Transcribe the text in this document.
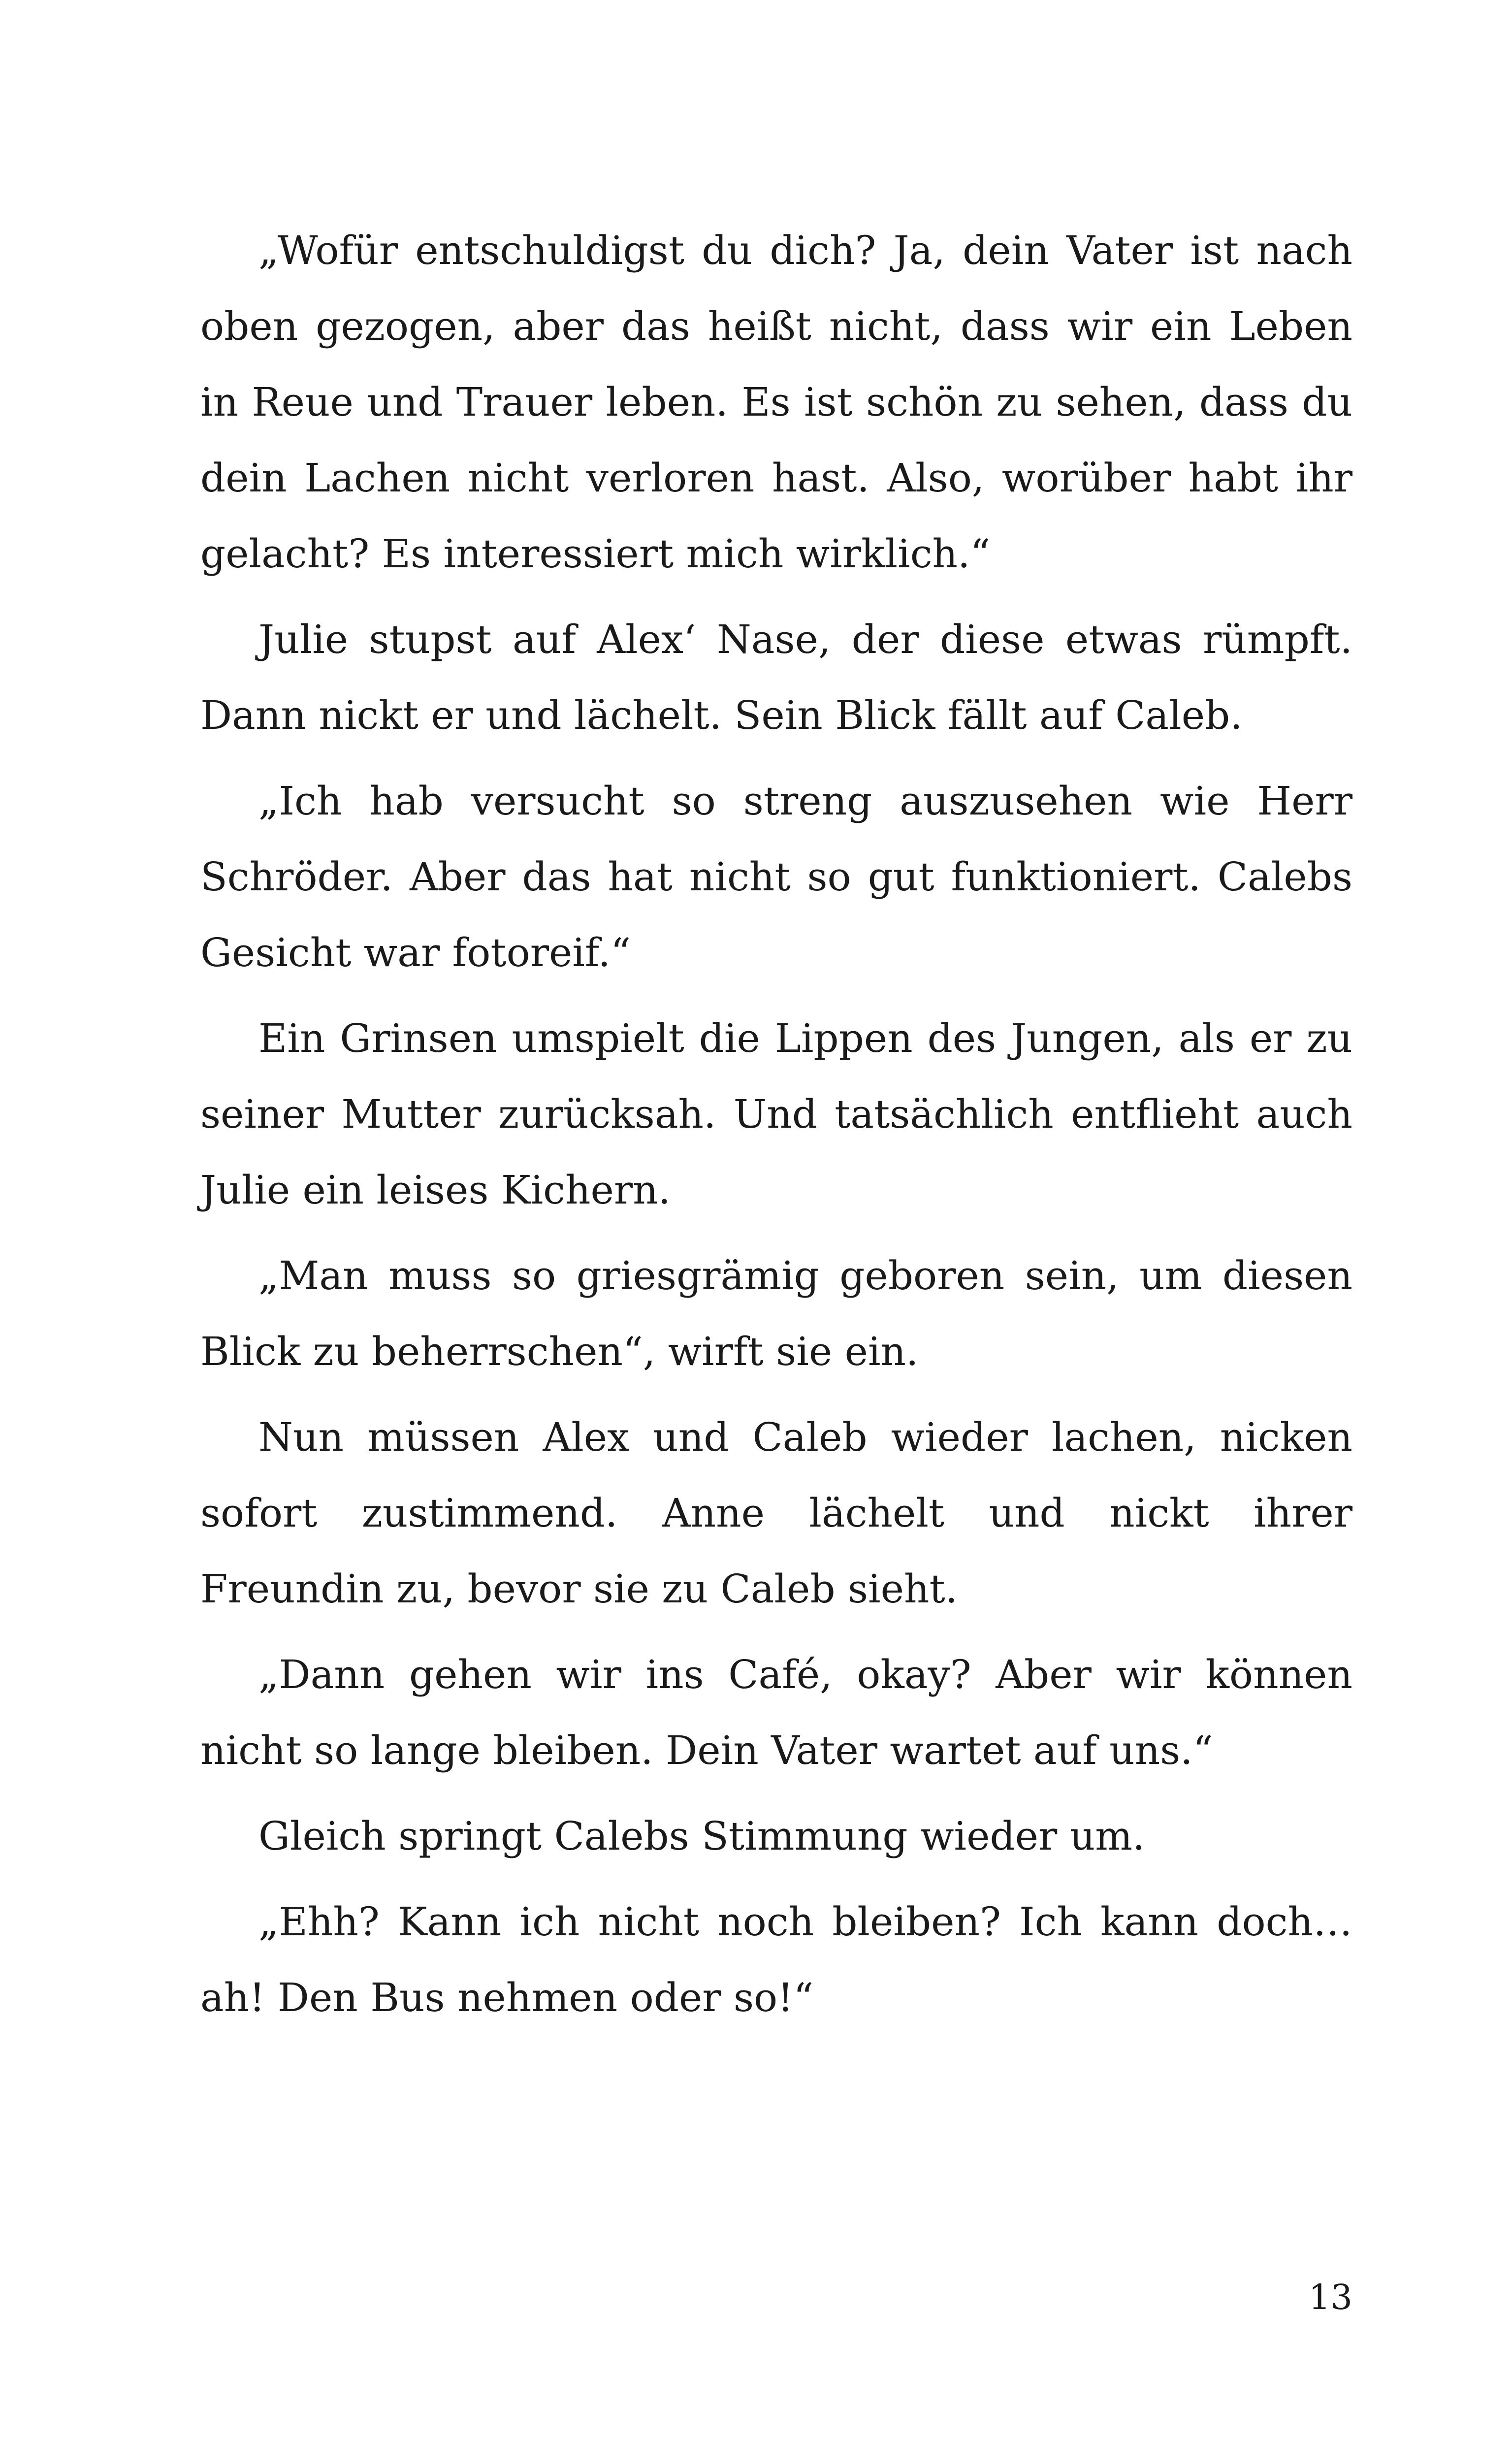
„Wofür entschuldigst du dich? Ja, dein Vater ist nach oben gezogen, aber das heißt nicht, dass wir ein Leben in Reue und Trauer leben. Es ist schön zu sehen, dass du dein Lachen nicht verloren hast. Also, worüber habt ihr gelacht? Es interessiert mich wirklich.“

Julie stupst auf Alex‘ Nase, der diese etwas rümpft. Dann nickt er und lächelt. Sein Blick fällt auf Caleb.

„Ich hab versucht so streng auszusehen wie Herr Schröder. Aber das hat nicht so gut funktioniert. Calebs Gesicht war fotoreif.“

Ein Grinsen umspielt die Lippen des Jungen, als er zu seiner Mutter zurücksah. Und tatsächlich entflieht auch Julie ein leises Kichern.

„Man muss so griesgrämig geboren sein, um diesen Blick zu beherrschen“, wirft sie ein.

Nun müssen Alex und Caleb wieder lachen, nicken sofort zustimmend. Anne lächelt und nickt ihrer Freundin zu, bevor sie zu Caleb sieht.

„Dann gehen wir ins Café, okay? Aber wir können nicht so lange bleiben. Dein Vater wartet auf uns.“

Gleich springt Calebs Stimmung wieder um.

„Ehh? Kann ich nicht noch bleiben? Ich kann doch…ah! Den Bus nehmen oder so!“

13
